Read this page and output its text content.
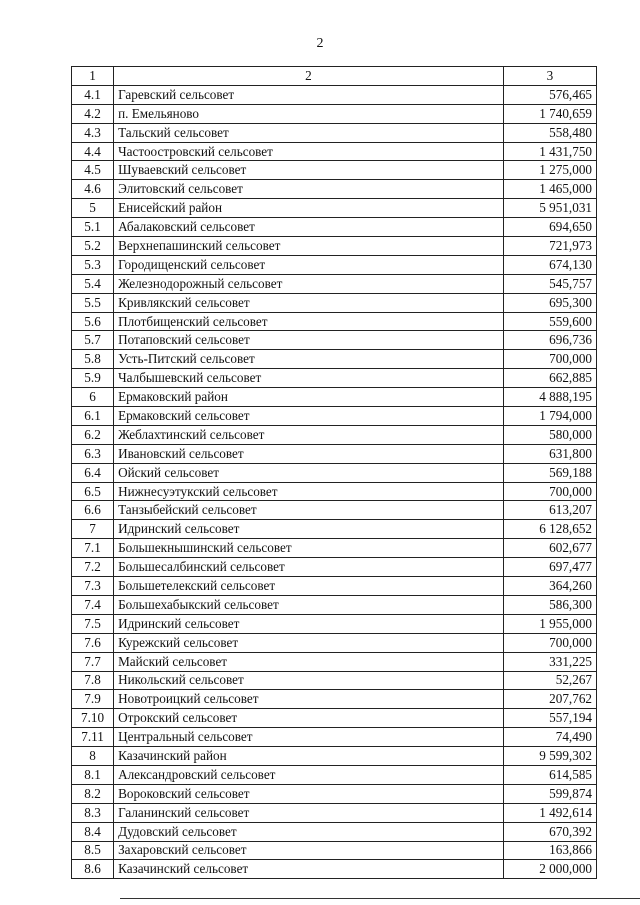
2
1	2	3
4.1	Гаревский сельсовет	576,465
4.2	п. Емельяново	1 740,659
4.3	Тальский сельсовет	558,480
4.4	Частоостровский сельсовет	1 431,750
4.5	Шуваевский сельсовет	1 275,000
4.6	Элитовский сельсовет	1 465,000
5	Енисейский район	5 951,031
5.1	Абалаковский сельсовет	694,650
5.2	Верхнепашинский сельсовет	721,973
5.3	Городищенский сельсовет	674,130
5.4	Железнодорожный сельсовет	545,757
5.5	Кривлякский сельсовет	695,300
5.6	Плотбищенский сельсовет	559,600
5.7	Потаповский сельсовет	696,736
5.8	Усть-Питский сельсовет	700,000
5.9	Чалбышевский сельсовет	662,885
6	Ермаковский район	4 888,195
6.1	Ермаковский сельсовет	1 794,000
6.2	Жеблахтинский сельсовет	580,000
6.3	Ивановский сельсовет	631,800
6.4	Ойский сельсовет	569,188
6.5	Нижнесуэтукский сельсовет	700,000
6.6	Танзыбейский сельсовет	613,207
7	Идринский сельсовет	6 128,652
7.1	Большекнышинский сельсовет	602,677
7.2	Большесалбинский сельсовет	697,477
7.3	Большетелекский сельсовет	364,260
7.4	Большехабыкский сельсовет	586,300
7.5	Идринский сельсовет	1 955,000
7.6	Курежский сельсовет	700,000
7.7	Майский сельсовет	331,225
7.8	Никольский сельсовет	52,267
7.9	Новотроицкий сельсовет	207,762
7.10	Отрокский сельсовет	557,194
7.11	Центральный сельсовет	74,490
8	Казачинский район	9 599,302
8.1	Александровский сельсовет	614,585
8.2	Вороковский сельсовет	599,874
8.3	Галанинский сельсовет	1 492,614
8.4	Дудовский сельсовет	670,392
8.5	Захаровский сельсовет	163,866
8.6	Казачинский сельсовет	2 000,000
